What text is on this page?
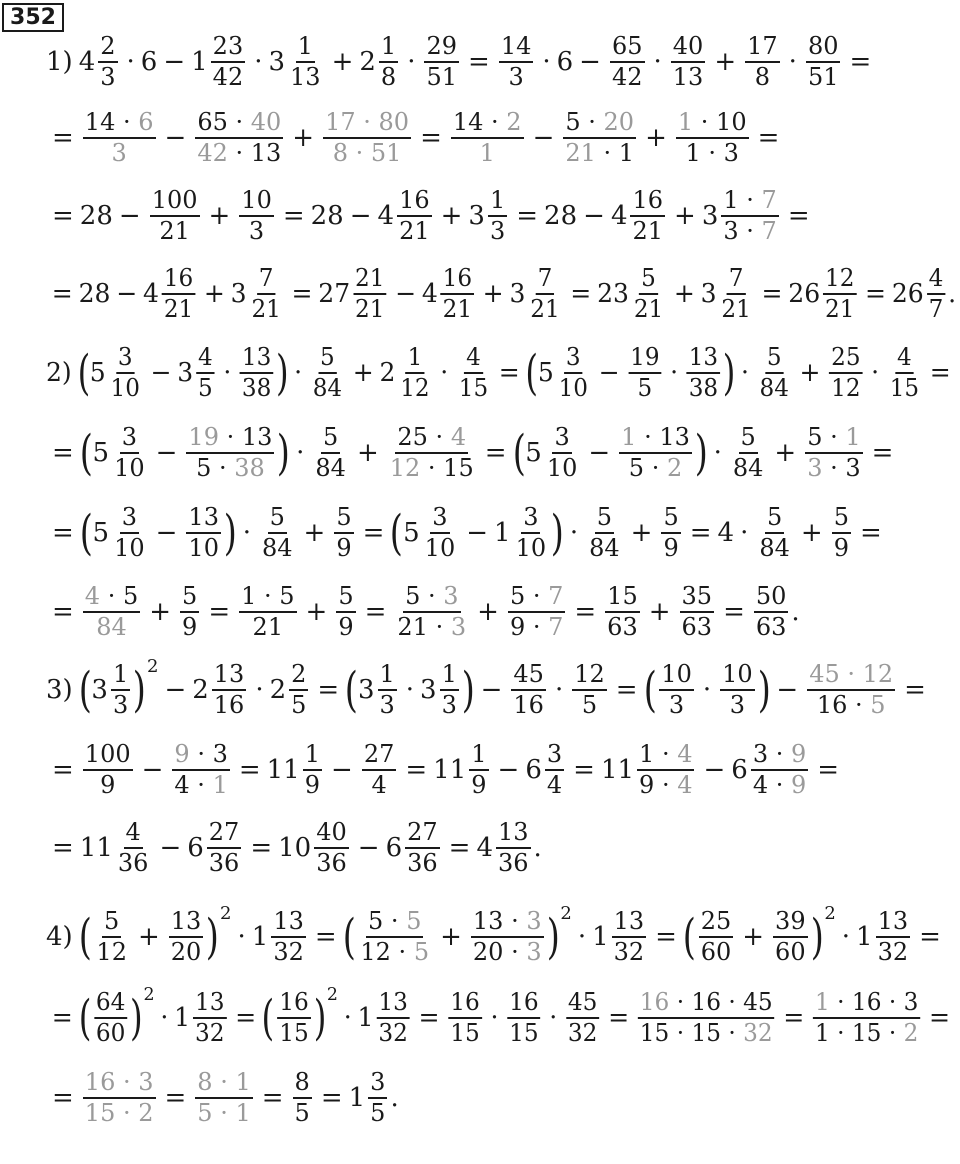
352
1) $4 \frac{2}{3} \cdot 6 - 1 \frac{23}{42} \cdot 3 \frac{1}{13} + 2 \frac{1}{8} \cdot \frac{29}{51} = \frac{14}{3} \cdot 6 - \frac{65}{42} \cdot \frac{40}{13} + \frac{17}{8} \cdot \frac{80}{51}$ =
= $\frac{14 \cdot 6}{3} - \frac{65 \cdot 40}{42 \cdot 13} + \frac{17 \cdot 80}{8 \cdot 51} = \frac{14 \cdot 2}{1} - \frac{5 \cdot 20}{21 \cdot 1} + \frac{1 \cdot 10}{1 \cdot 3}$ =
= $28 - \frac{100}{21} + \frac{10}{3} = 28 - 4 \frac{16}{21} + 3 \frac{1}{3} = 28 - 4 \frac{16}{21} + 3 \frac{1 \cdot 7}{3 \cdot 7}$ =
= $28 - 4 \frac{16}{21} + 3 \frac{7}{21} = 27 \frac{21}{21} - 4 \frac{16}{21} + 3 \frac{7}{21} = 23 \frac{5}{21} + 3 \frac{7}{21} = 26 \frac{12}{21} = 26 \frac{4}{7}$ .
2) ( $5 \frac{3}{10} - 3 \frac{4}{5} \cdot \frac{13}{38}$ ) · $\frac{5}{84} + 2 \frac{1}{12} \cdot \frac{4}{15}$ = ( $5 \frac{3}{10} - \frac{19}{5} \cdot \frac{13}{38}$ ) · $\frac{5}{84} + \frac{25}{12} \cdot \frac{4}{15}$ =
= ( $5 \frac{3}{10} - \frac{19 \cdot 13}{5 \cdot 38}$ ) · $\frac{5}{84} + \frac{25 \cdot 4}{12 \cdot 15}$ = ( $5 \frac{3}{10} - \frac{1 \cdot 13}{5 \cdot 2}$ ) · $\frac{5}{84} + \frac{5 \cdot 1}{3 \cdot 3}$ =
= ( $5 \frac{3}{10} - \frac{13}{10}$ ) · $\frac{5}{84} + \frac{5}{9}$ = ( $5 \frac{3}{10} - 1 \frac{3}{10}$ ) · $\frac{5}{84} + \frac{5}{9} = 4 \cdot \frac{5}{84} + \frac{5}{9}$ =
= $\frac{4 \cdot 5}{84} + \frac{5}{9} = \frac{1 \cdot 5}{21} + \frac{5}{9} = \frac{5 \cdot 3}{21 \cdot 3} + \frac{5 \cdot 7}{9 \cdot 7} = \frac{15}{63} + \frac{35}{63} = \frac{50}{63}$ .
3) ( $3 \frac{1}{3}$ ) 2
− $2 \frac{13}{16} \cdot 2 \frac{2}{5}$ = ( $3 \frac{1}{3} \cdot 3 \frac{1}{3}$ ) − $\frac{45}{16} \cdot \frac{12}{5}$ = ( $\frac{10}{3} \cdot \frac{10}{3}$ ) − $\frac{45 \cdot 12}{16 \cdot 5}$ =
= $\frac{100}{9} - \frac{9 \cdot 3}{4 \cdot 1} = 11 \frac{1}{9} - \frac{27}{4} = 11 \frac{1}{9} - 6 \frac{3}{4} = 11 \frac{1 \cdot 4}{9 \cdot 4} - 6 \frac{3 \cdot 9}{4 \cdot 9}$ =
= $11 \frac{4}{36} - 6 \frac{27}{36} = 10 \frac{40}{36} - 6 \frac{27}{36} = 4 \frac{13}{36}$ .
4) ( $\frac{5}{12} + \frac{13}{20}$ ) 2
· $1 \frac{13}{32}$ = ( $\frac{5 \cdot 5}{12 \cdot 5} + \frac{13 \cdot 3}{20 \cdot 3}$ ) 2
· $1 \frac{13}{32}$ = ( $\frac{25}{60} + \frac{39}{60}$ ) 2
· $1 \frac{13}{32}$ =
= ( $\frac{64}{60}$ ) 2
· $1 \frac{13}{32}$ = ( $\frac{16}{15}$ ) 2
· $1 \frac{13}{32} = \frac{16}{15} \cdot \frac{16}{15} \cdot \frac{45}{32} = \frac{16 \cdot 16 \cdot 45}{15 \cdot 15 \cdot 32} = \frac{1 \cdot 16 \cdot 3}{1 \cdot 15 \cdot 2}$ =
= $\frac{16 \cdot 3}{15 \cdot 2} = \frac{8 \cdot 1}{5 \cdot 1} = \frac{8}{5} = 1 \frac{3}{5}$ .
